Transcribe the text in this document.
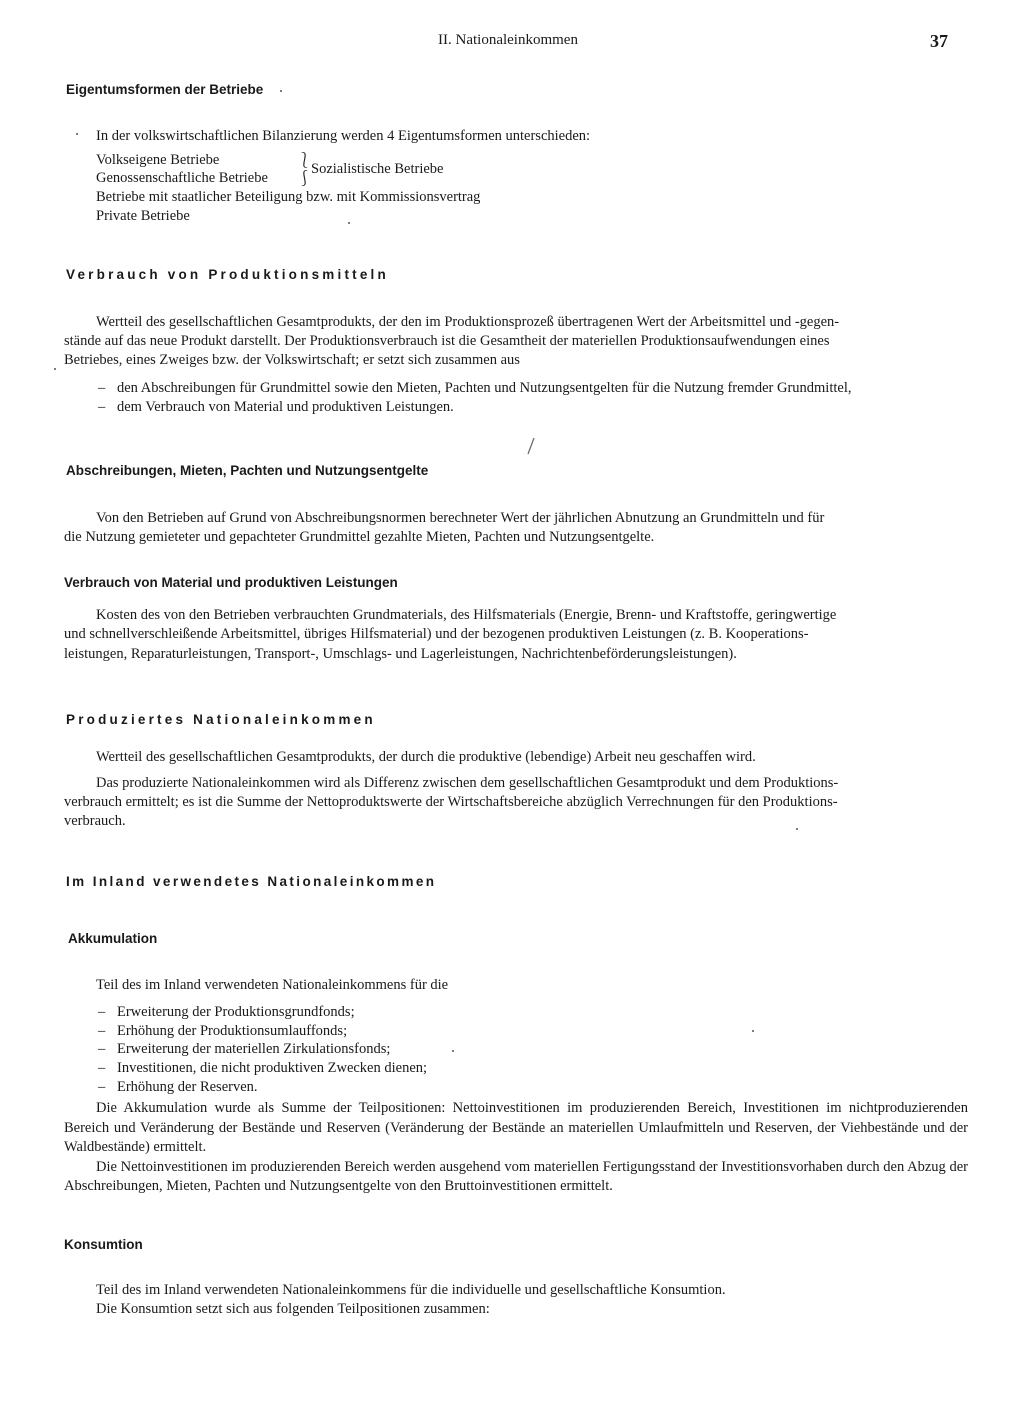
II. Nationaleinkommen	37
Eigentumsformen der Betriebe
In der volkswirtschaftlichen Bilanzierung werden 4 Eigentumsformen unterschieden:
Volkseigene Betriebe
Genossenschaftliche Betriebe
Betriebe mit staatlicher Beteiligung bzw. mit Kommissionsvertrag
Private Betriebe
⎱
⎰
Sozialistische Betriebe
Verbrauch von Produktionsmitteln
Wertteil des gesellschaftlichen Gesamtprodukts, der den im Produktionsprozeß übertragenen Wert der Arbeitsmittel und -gegen-
stände auf das neue Produkt darstellt. Der Produktionsverbrauch ist die Gesamtheit der materiellen Produktionsaufwendungen eines
Betriebes, eines Zweiges bzw. der Volkswirtschaft; er setzt sich zusammen aus
– den Abschreibungen für Grundmittel sowie den Mieten, Pachten und Nutzungsentgelten für die Nutzung fremder Grundmittel,
– dem Verbrauch von Material und produktiven Leistungen.
Abschreibungen, Mieten, Pachten und Nutzungsentgelte
Von den Betrieben auf Grund von Abschreibungsnormen berechneter Wert der jährlichen Abnutzung an Grundmitteln und für
die Nutzung gemieteter und gepachteter Grundmittel gezahlte Mieten, Pachten und Nutzungsentgelte.
Verbrauch von Material und produktiven Leistungen
Kosten des von den Betrieben verbrauchten Grundmaterials, des Hilfsmaterials (Energie, Brenn- und Kraftstoffe, geringwertige
und schnellverschleißende Arbeitsmittel, übriges Hilfsmaterial) und der bezogenen produktiven Leistungen (z. B. Kooperations-
leistungen, Reparaturleistungen, Transport-, Umschlags- und Lagerleistungen, Nachrichtenbeförderungsleistungen).
Produziertes Nationaleinkommen
Wertteil des gesellschaftlichen Gesamtprodukts, der durch die produktive (lebendige) Arbeit neu geschaffen wird.
Das produzierte Nationaleinkommen wird als Differenz zwischen dem gesellschaftlichen Gesamtprodukt und dem Produktions-
verbrauch ermittelt; es ist die Summe der Nettoproduktswerte der Wirtschaftsbereiche abzüglich Verrechnungen für den Produktions-
verbrauch.
Im Inland verwendetes Nationaleinkommen
Akkumulation
Teil des im Inland verwendeten Nationaleinkommens für die
– Erweiterung der Produktionsgrundfonds;
– Erhöhung der Produktionsumlauffonds;
– Erweiterung der materiellen Zirkulationsfonds;
– Investitionen, die nicht produktiven Zwecken dienen;
– Erhöhung der Reserven.

Die Akkumulation wurde als Summe der Teilpositionen: Nettoinvestitionen im produzierenden Bereich, Investitionen im nichtproduzierenden Bereich und Veränderung der Bestände und Reserven (Veränderung der Bestände an materiellen Umlaufmitteln und Reserven, der Viehbestände und der Waldbestände) ermittelt.

Die Nettoinvestitionen im produzierenden Bereich werden ausgehend vom materiellen Fertigungsstand der Investitionsvorhaben durch den Abzug der Abschreibungen, Mieten, Pachten und Nutzungsentgelte von den Bruttoinvestitionen ermittelt.

Konsumtion
Teil des im Inland verwendeten Nationaleinkommens für die individuelle und gesellschaftliche Konsumtion.
Die Konsumtion setzt sich aus folgenden Teilpositionen zusammen:
